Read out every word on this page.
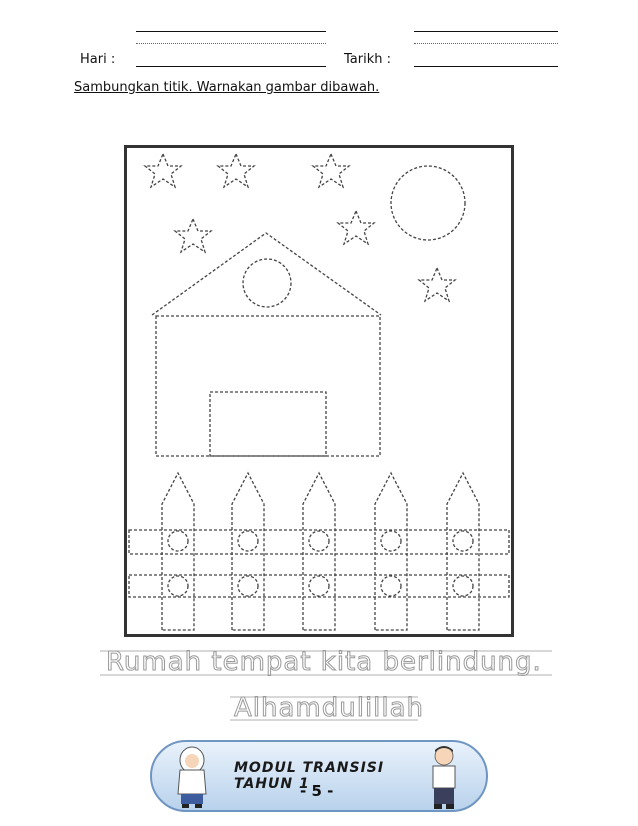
Hari :	Tarikh :
Sambungkan titik. Warnakan gambar dibawah.
Rumah tempat kita berlindung.
Alhamdulillah
MODUL TRANSISI TAHUN 1
- 5 -
